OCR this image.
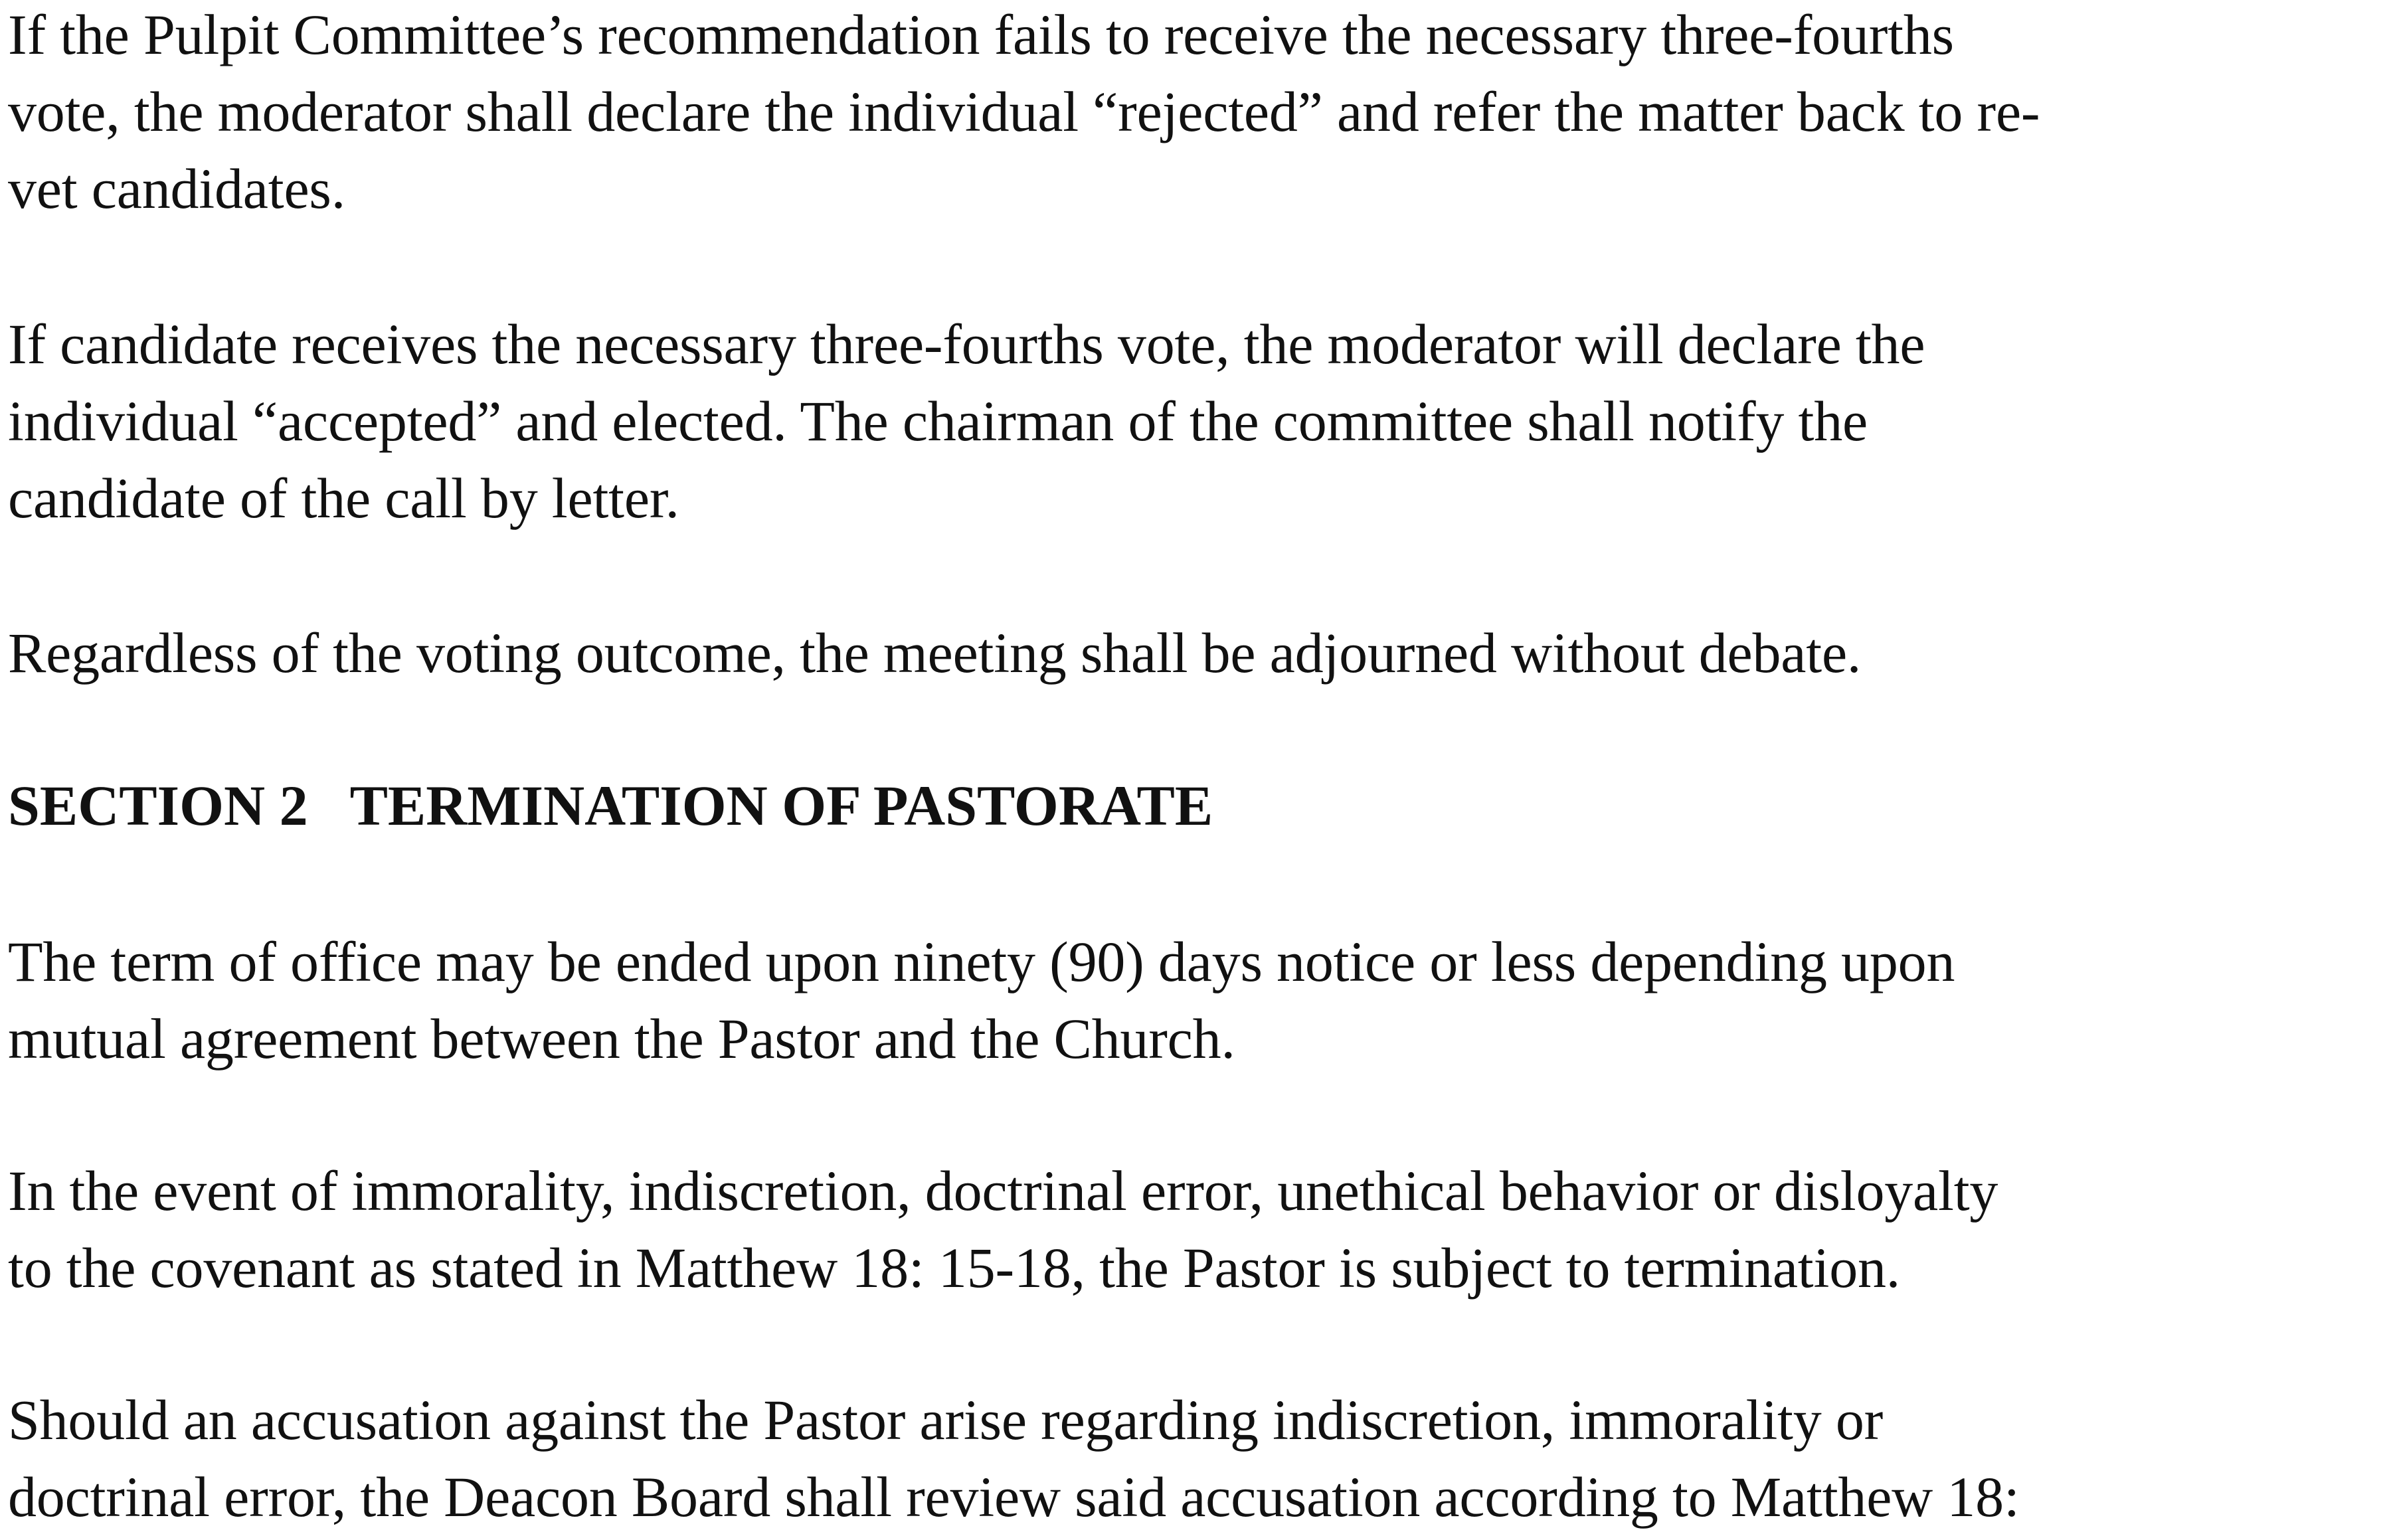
If the Pulpit Committee’s recommendation fails to receive the necessary three-fourths
vote, the moderator shall declare the individual “rejected” and refer the matter back to re-
vet candidates.

If candidate receives the necessary three-fourths vote, the moderator will declare the
individual “accepted” and elected. The chairman of the committee shall notify the
candidate of the call by letter.

Regardless of the voting outcome, the meeting shall be adjourned without debate.

SECTION 2   TERMINATION OF PASTORATE

The term of office may be ended upon ninety (90) days notice or less depending upon
mutual agreement between the Pastor and the Church.

In the event of immorality, indiscretion, doctrinal error, unethical behavior or disloyalty
to the covenant as stated in Matthew 18: 15-18, the Pastor is subject to termination.

Should an accusation against the Pastor arise regarding indiscretion, immorality or
doctrinal error, the Deacon Board shall review said accusation according to Matthew 18:
